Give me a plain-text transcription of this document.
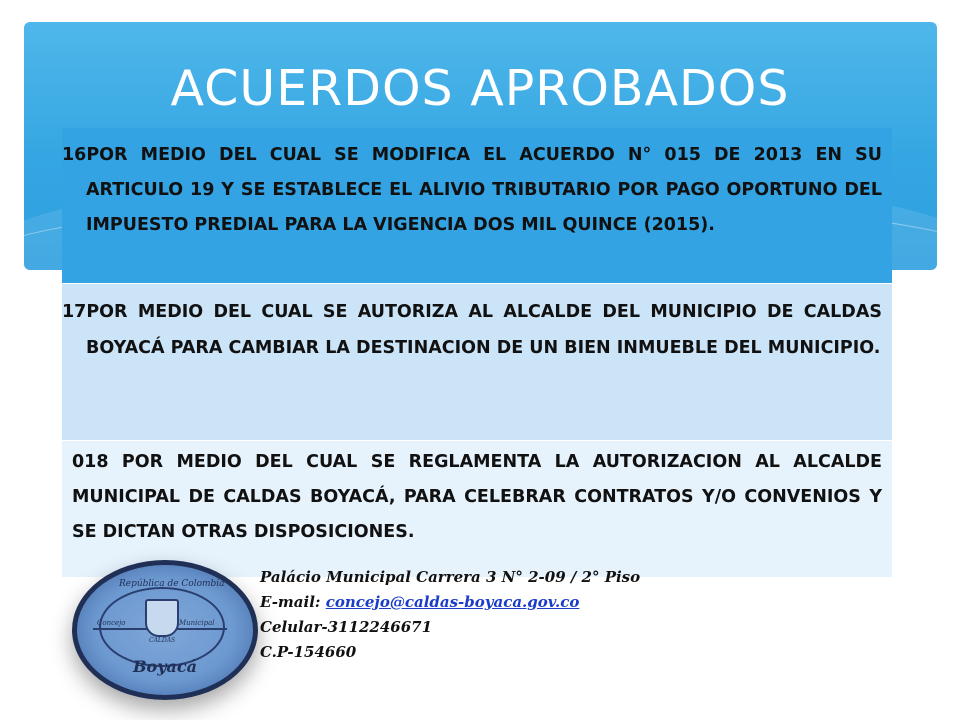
ACUERDOS APROBADOS
16POR MEDIO DEL CUAL SE MODIFICA EL ACUERDO N° 015 DE 2013 EN SU ARTICULO 19 Y SE ESTABLECE EL ALIVIO TRIBUTARIO POR PAGO OPORTUNO DEL IMPUESTO PREDIAL PARA LA VIGENCIA DOS MIL QUINCE (2015).
17POR MEDIO DEL CUAL SE AUTORIZA AL ALCALDE DEL MUNICIPIO DE CALDAS BOYACÁ PARA CAMBIAR LA DESTINACION DE UN BIEN INMUEBLE DEL MUNICIPIO.
018 POR MEDIO DEL CUAL SE REGLAMENTA LA AUTORIZACION AL ALCALDE MUNICIPAL DE CALDAS BOYACÁ, PARA CELEBRAR CONTRATOS Y/O CONVENIOS Y SE DICTAN OTRAS DISPOSICIONES.
República de Colombia
Concejo	Municipal
CALDAS
Boyacá
Palácio Municipal Carrera 3 N° 2-09 / 2° Piso
E-mail: concejo@caldas-boyaca.gov.co
Celular-3112246671
C.P-154660
